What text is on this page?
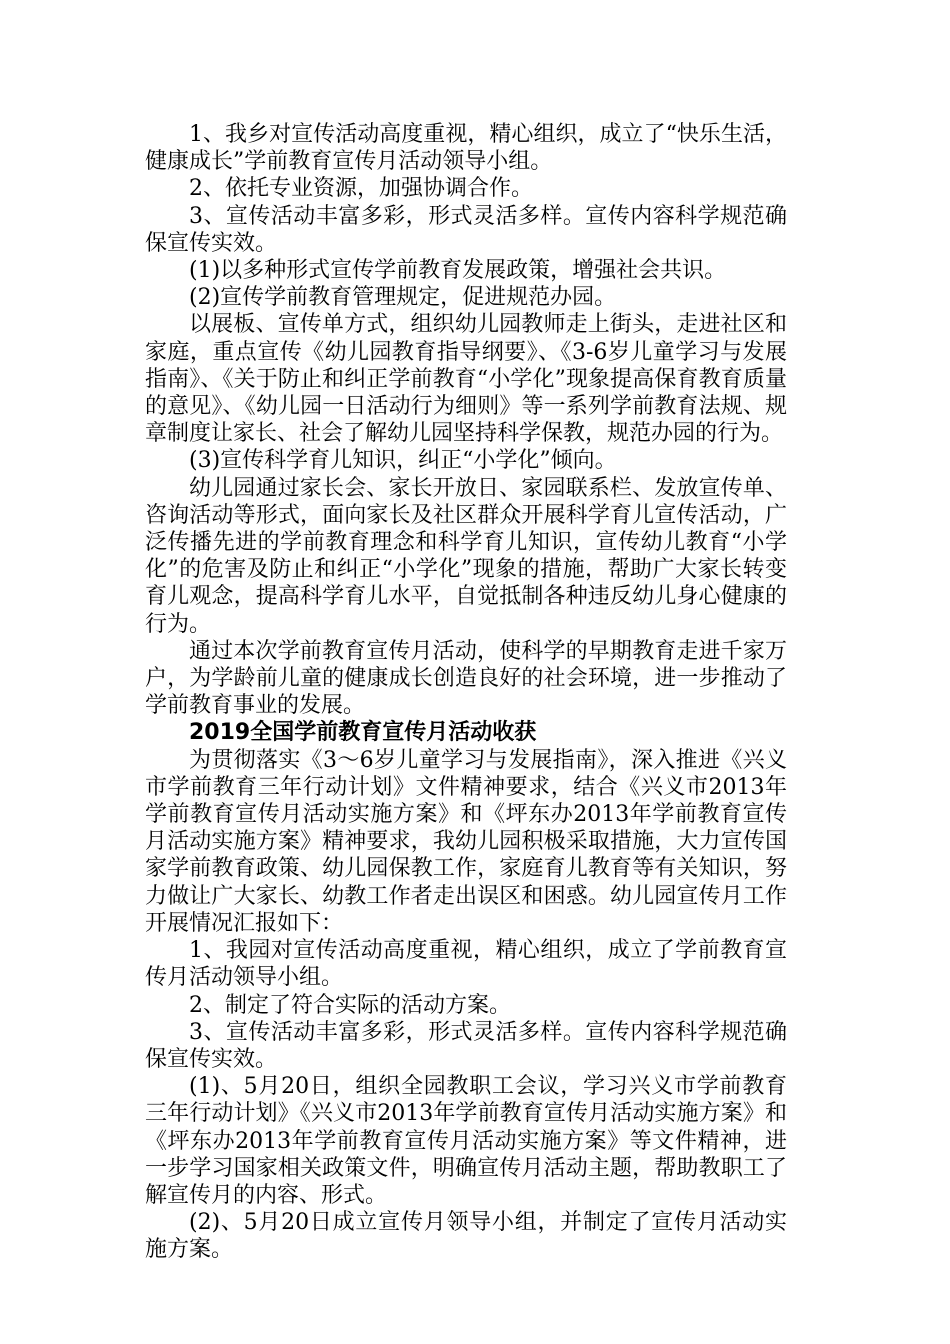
1、我乡对宣传活动高度重视，精心组织，成立了“快乐生活，健康成长”学前教育宣传月活动领导小组。

2、依托专业资源，加强协调合作。

3、宣传活动丰富多彩，形式灵活多样。宣传内容科学规范确保宣传实效。

(1)以多种形式宣传学前教育发展政策，增强社会共识。

(2)宣传学前教育管理规定，促进规范办园。

以展板、宣传单方式，组织幼儿园教师走上街头，走进社区和家庭，重点宣传《幼儿园教育指导纲要》、《3-6岁儿童学习与发展指南》、《关于防止和纠正学前教育“小学化”现象提高保育教育质量的意见》、《幼儿园一日活动行为细则》等一系列学前教育法规、规章制度让家长、社会了解幼儿园坚持科学保教，规范办园的行为。

(3)宣传科学育儿知识，纠正“小学化”倾向。

幼儿园通过家长会、家长开放日、家园联系栏、发放宣传单、咨询活动等形式，面向家长及社区群众开展科学育儿宣传活动，广泛传播先进的学前教育理念和科学育儿知识，宣传幼儿教育“小学化”的危害及防止和纠正“小学化”现象的措施，帮助广大家长转变育儿观念，提高科学育儿水平，自觉抵制各种违反幼儿身心健康的行为。

通过本次学前教育宣传月活动，使科学的早期教育走进千家万户，为学龄前儿童的健康成长创造良好的社会环境，进一步推动了学前教育事业的发展。

2019全国学前教育宣传月活动收获

为贯彻落实《3～6岁儿童学习与发展指南》，深入推进《兴义市学前教育三年行动计划》文件精神要求，结合《兴义市2013年学前教育宣传月活动实施方案》和《坪东办2013年学前教育宣传月活动实施方案》精神要求，我幼儿园积极采取措施，大力宣传国家学前教育政策、幼儿园保教工作，家庭育儿教育等有关知识，努力做让广大家长、幼教工作者走出误区和困惑。幼儿园宣传月工作开展情况汇报如下：

1、我园对宣传活动高度重视，精心组织，成立了学前教育宣传月活动领导小组。

2、制定了符合实际的活动方案。

3、宣传活动丰富多彩，形式灵活多样。宣传内容科学规范确保宣传实效。

(1)、5月20日，组织全园教职工会议，学习兴义市学前教育三年行动计划》《兴义市2013年学前教育宣传月活动实施方案》和《坪东办2013年学前教育宣传月活动实施方案》等文件精神，进一步学习国家相关政策文件，明确宣传月活动主题，帮助教职工了解宣传月的内容、形式。

(2)、5月20日成立宣传月领导小组，并制定了宣传月活动实施方案。
